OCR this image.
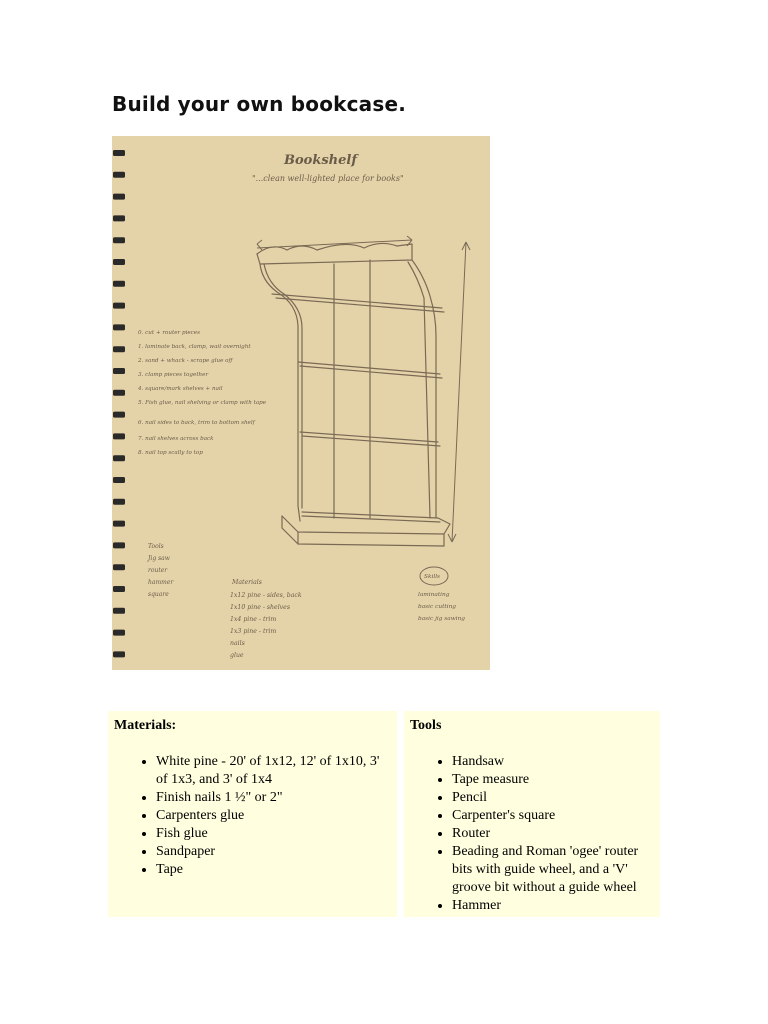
Build your own bookcase.
Bookshelf
"...clean well-lighted place for books"
0. cut + router pieces
1. laminate back, clamp, wait overnight
2. sand + whack - scrape glue off
3. clamp pieces together
4. square/mark shelves + nail
5. Fish glue, nail shelving or clamp with tape
6. nail sides to back, trim to bottom shelf
7. nail shelves across back
8. nail top scally to top
Tools
Jig saw
router
hammer
square
Materials
1x12 pine - sides, back
1x10 pine - shelves
1x4 pine - trim
1x3 pine - trim
nails
glue
Skills
laminating
basic cutting
basic jig sawing
Materials:
• White pine - 20' of 1x12, 12' of 1x10, 3' of 1x3, and 3' of 1x4
• Finish nails 1 ½" or 2"
• Carpenters glue
• Fish glue
• Sandpaper
• Tape
Tools
• Handsaw
• Tape measure
• Pencil
• Carpenter's square
• Router
• Beading and Roman 'ogee' router bits with guide wheel, and a 'V' groove bit without a guide wheel
• Hammer
